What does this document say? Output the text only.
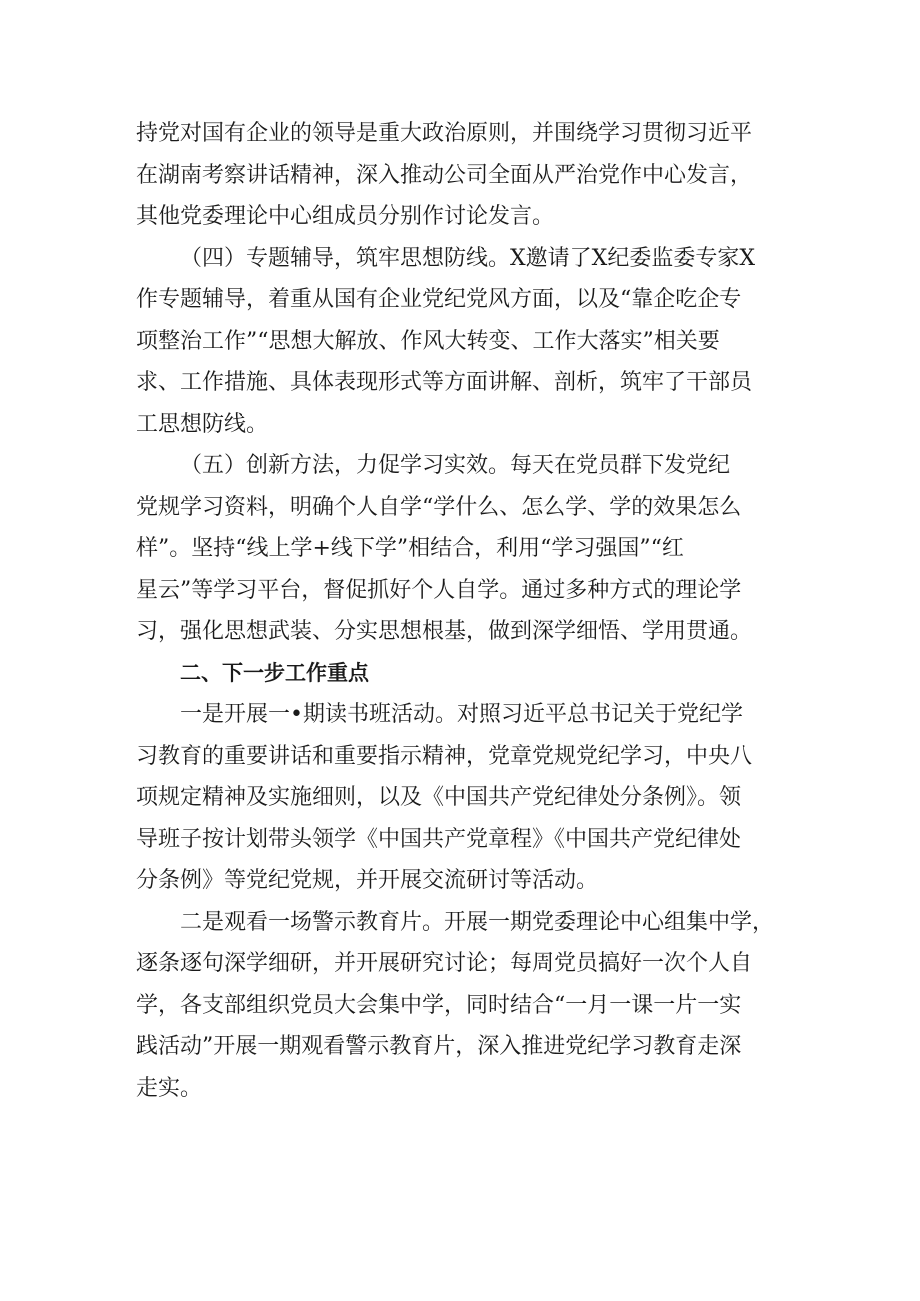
持党对国有企业的领导是重大政治原则，并围绕学习贯彻习近平
在湖南考察讲话精神，深入推动公司全面从严治党作中心发言，
其他党委理论中心组成员分别作讨论发言。
（四）专题辅导，筑牢思想防线。X邀请了X纪委监委专家X
作专题辅导，着重从国有企业党纪党风方面，以及“靠企吃企专
项整治工作”“思想大解放、作风大转变、工作大落实”相关要
求、工作措施、具体表现形式等方面讲解、剖析，筑牢了干部员
工思想防线。
（五）创新方法，力促学习实效。每天在党员群下发党纪
党规学习资料，明确个人自学“学什么、怎么学、学的效果怎么
样”。坚持“线上学+线下学”相结合，利用“学习强国”“红
星云”等学习平台，督促抓好个人自学。通过多种方式的理论学
习，强化思想武装、分实思想根基，做到深学细悟、学用贯通。
二、下一步工作重点
一是开展一•期读书班活动。对照习近平总书记关于党纪学
习教育的重要讲话和重要指示精神，党章党规党纪学习，中央八
项规定精神及实施细则，以及《中国共产党纪律处分条例》。领
导班子按计划带头领学《中国共产党章程》《中国共产党纪律处
分条例》等党纪党规，并开展交流研讨等活动。
二是观看一场警示教育片。开展一期党委理论中心组集中学，
逐条逐句深学细研，并开展研究讨论；每周党员搞好一次个人自
学，各支部组织党员大会集中学，同时结合“一月一课一片一实
践活动”开展一期观看警示教育片，深入推进党纪学习教育走深
走实。
